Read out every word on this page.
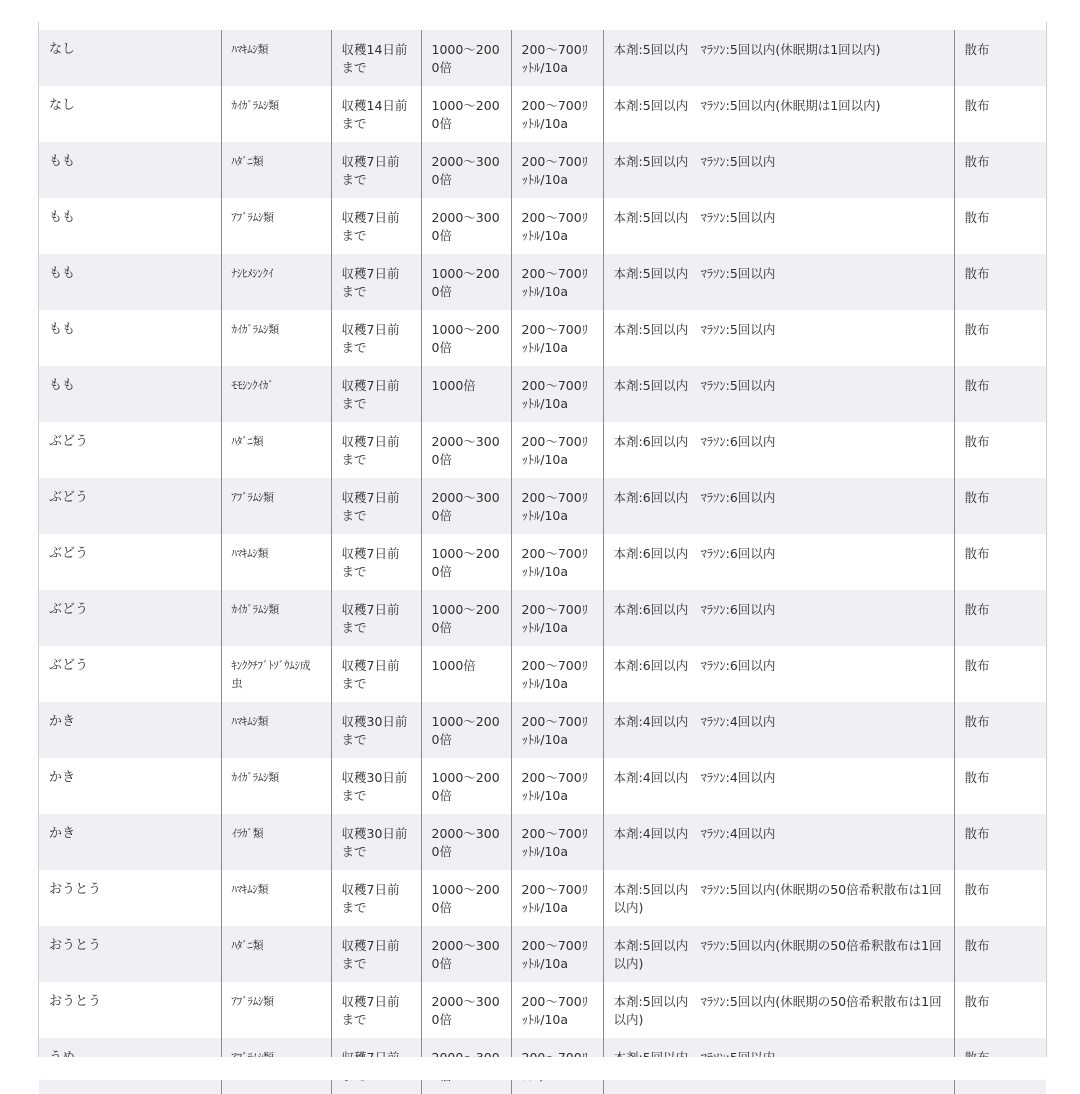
なし	ﾊﾏｷﾑｼ類	収穫14日前まで	1000～2000倍	200～700ﾘｯﾄﾙ/10a	本剤:5回以内　ﾏﾗｿﾝ:5回以内(休眠期は1回以内)	散布
なし	ｶｲｶﾞﾗﾑｼ類	収穫14日前まで	1000～2000倍	200～700ﾘｯﾄﾙ/10a	本剤:5回以内　ﾏﾗｿﾝ:5回以内(休眠期は1回以内)	散布
もも	ﾊﾀﾞﾆ類	収穫7日前まで	2000～3000倍	200～700ﾘｯﾄﾙ/10a	本剤:5回以内　ﾏﾗｿﾝ:5回以内	散布
もも	ｱﾌﾞﾗﾑｼ類	収穫7日前まで	2000～3000倍	200～700ﾘｯﾄﾙ/10a	本剤:5回以内　ﾏﾗｿﾝ:5回以内	散布
もも	ﾅｼﾋﾒｼﾝｸｲ	収穫7日前まで	1000～2000倍	200～700ﾘｯﾄﾙ/10a	本剤:5回以内　ﾏﾗｿﾝ:5回以内	散布
もも	ｶｲｶﾞﾗﾑｼ類	収穫7日前まで	1000～2000倍	200～700ﾘｯﾄﾙ/10a	本剤:5回以内　ﾏﾗｿﾝ:5回以内	散布
もも	ﾓﾓｼﾝｸｲｶﾞ	収穫7日前まで	1000倍	200～700ﾘｯﾄﾙ/10a	本剤:5回以内　ﾏﾗｿﾝ:5回以内	散布
ぶどう	ﾊﾀﾞﾆ類	収穫7日前まで	2000～3000倍	200～700ﾘｯﾄﾙ/10a	本剤:6回以内　ﾏﾗｿﾝ:6回以内	散布
ぶどう	ｱﾌﾞﾗﾑｼ類	収穫7日前まで	2000～3000倍	200～700ﾘｯﾄﾙ/10a	本剤:6回以内　ﾏﾗｿﾝ:6回以内	散布
ぶどう	ﾊﾏｷﾑｼ類	収穫7日前まで	1000～2000倍	200～700ﾘｯﾄﾙ/10a	本剤:6回以内　ﾏﾗｿﾝ:6回以内	散布
ぶどう	ｶｲｶﾞﾗﾑｼ類	収穫7日前まで	1000～2000倍	200～700ﾘｯﾄﾙ/10a	本剤:6回以内　ﾏﾗｿﾝ:6回以内	散布
ぶどう	ｷﾝｸｸﾁﾌﾞﾄｿﾞｳﾑｼ成虫	収穫7日前まで	1000倍	200～700ﾘｯﾄﾙ/10a	本剤:6回以内　ﾏﾗｿﾝ:6回以内	散布
かき	ﾊﾏｷﾑｼ類	収穫30日前まで	1000～2000倍	200～700ﾘｯﾄﾙ/10a	本剤:4回以内　ﾏﾗｿﾝ:4回以内	散布
かき	ｶｲｶﾞﾗﾑｼ類	収穫30日前まで	1000～2000倍	200～700ﾘｯﾄﾙ/10a	本剤:4回以内　ﾏﾗｿﾝ:4回以内	散布
かき	ｲﾗｶﾞ類	収穫30日前まで	2000～3000倍	200～700ﾘｯﾄﾙ/10a	本剤:4回以内　ﾏﾗｿﾝ:4回以内	散布
おうとう	ﾊﾏｷﾑｼ類	収穫7日前まで	1000～2000倍	200～700ﾘｯﾄﾙ/10a	本剤:5回以内　ﾏﾗｿﾝ:5回以内(休眠期の50倍希釈散布は1回以内)	散布
おうとう	ﾊﾀﾞﾆ類	収穫7日前まで	2000～3000倍	200～700ﾘｯﾄﾙ/10a	本剤:5回以内　ﾏﾗｿﾝ:5回以内(休眠期の50倍希釈散布は1回以内)	散布
おうとう	ｱﾌﾞﾗﾑｼ類	収穫7日前まで	2000～3000倍	200～700ﾘｯﾄﾙ/10a	本剤:5回以内　ﾏﾗｿﾝ:5回以内(休眠期の50倍希釈散布は1回以内)	散布
